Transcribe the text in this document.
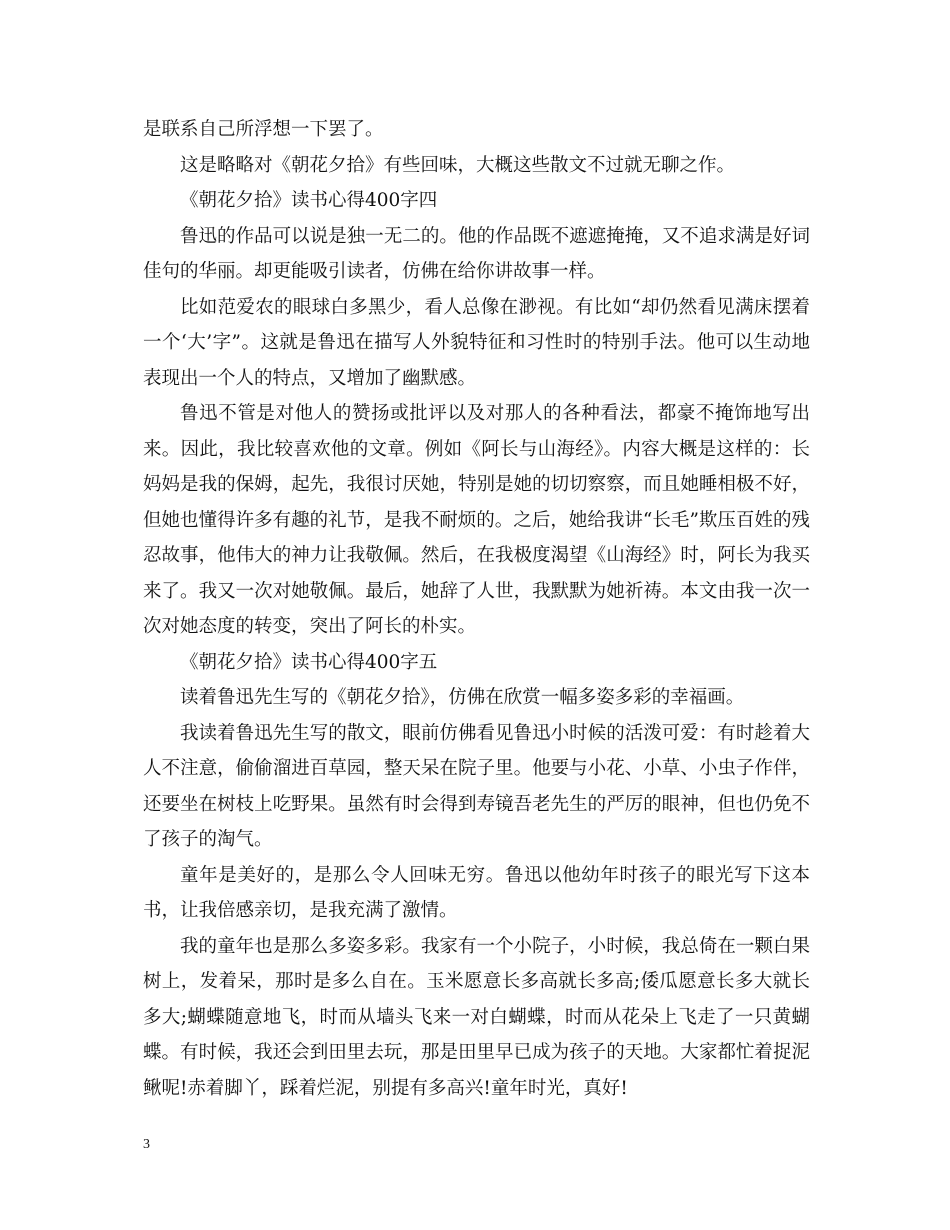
是联系自己所浮想一下罢了。

这是略略对《朝花夕拾》有些回味，大概这些散文不过就无聊之作。

《朝花夕拾》读书心得400字四

鲁迅的作品可以说是独一无二的。他的作品既不遮遮掩掩，又不追求满是好词佳句的华丽。却更能吸引读者，仿佛在给你讲故事一样。

比如范爱农的眼球白多黑少，看人总像在渺视。有比如“却仍然看见满床摆着一个‘大’字”。这就是鲁迅在描写人外貌特征和习性时的特别手法。他可以生动地表现出一个人的特点，又增加了幽默感。

鲁迅不管是对他人的赞扬或批评以及对那人的各种看法，都豪不掩饰地写出来。因此，我比较喜欢他的文章。例如《阿长与山海经》。内容大概是这样的：长妈妈是我的保姆，起先，我很讨厌她，特别是她的切切察察，而且她睡相极不好，但她也懂得许多有趣的礼节，是我不耐烦的。之后，她给我讲“长毛”欺压百姓的残忍故事，他伟大的神力让我敬佩。然后，在我极度渴望《山海经》时，阿长为我买来了。我又一次对她敬佩。最后，她辞了人世，我默默为她祈祷。本文由我一次一次对她态度的转变，突出了阿长的朴实。

《朝花夕拾》读书心得400字五

读着鲁迅先生写的《朝花夕拾》，仿佛在欣赏一幅多姿多彩的幸福画。

我读着鲁迅先生写的散文，眼前仿佛看见鲁迅小时候的活泼可爱：有时趁着大人不注意，偷偷溜进百草园，整天呆在院子里。他要与小花、小草、小虫子作伴，还要坐在树枝上吃野果。虽然有时会得到寿镜吾老先生的严厉的眼神，但也仍免不了孩子的淘气。

童年是美好的，是那么令人回味无穷。鲁迅以他幼年时孩子的眼光写下这本书，让我倍感亲切，是我充满了激情。

我的童年也是那么多姿多彩。我家有一个小院子，小时候，我总倚在一颗白果树上，发着呆，那时是多么自在。玉米愿意长多高就长多高;倭瓜愿意长多大就长多大;蝴蝶随意地飞，时而从墙头飞来一对白蝴蝶，时而从花朵上飞走了一只黄蝴蝶。有时候，我还会到田里去玩，那是田里早已成为孩子的天地。大家都忙着捉泥鳅呢!赤着脚丫，踩着烂泥，别提有多高兴!童年时光，真好!

3
